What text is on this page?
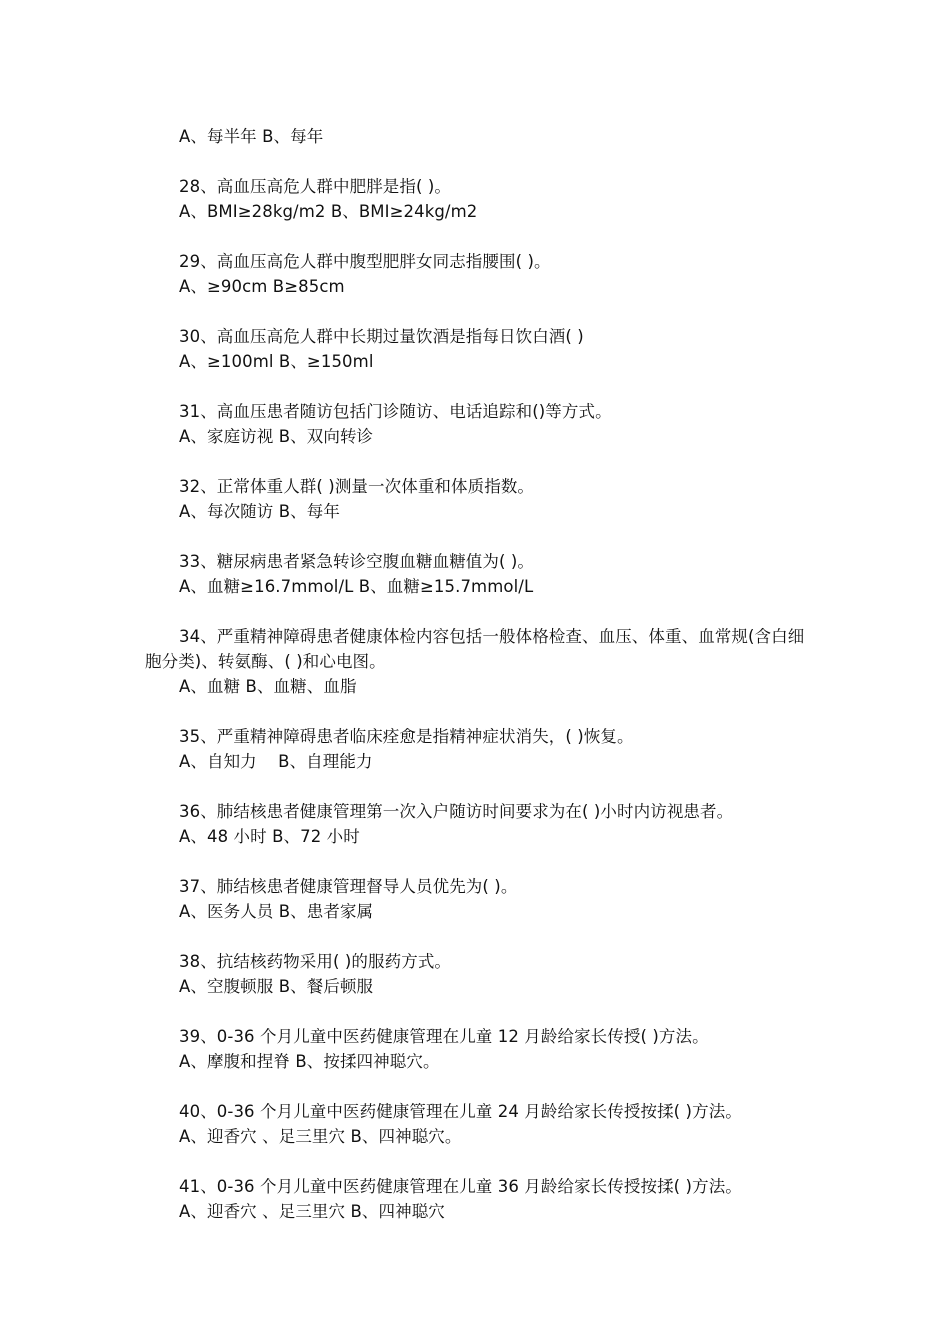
A、每半年 B、每年
28、高血压高危人群中肥胖是指( )。
A、BMI≥28kg/m2 B、BMI≥24kg/m2
29、高血压高危人群中腹型肥胖女同志指腰围( )。
A、≥90cm B≥85cm
30、高血压高危人群中长期过量饮酒是指每日饮白酒( )
A、≥100ml B、≥150ml
31、高血压患者随访包括门诊随访、电话追踪和()等方式。
A、家庭访视 B、双向转诊
32、正常体重人群( )测量一次体重和体质指数。
A、每次随访 B、每年
33、糖尿病患者紧急转诊空腹血糖血糖值为( )。
A、血糖≥16.7mmol/L B、血糖≥15.7mmol/L
34、严重精神障碍患者健康体检内容包括一般体格检查、血压、体重、血常规(含白细胞分类)、转氨酶、( )和心电图。
A、血糖 B、血糖、血脂
35、严重精神障碍患者临床痊愈是指精神症状消失，( )恢复。
A、自知力    B、自理能力
36、肺结核患者健康管理第一次入户随访时间要求为在( )小时内访视患者。
A、48 小时 B、72 小时
37、肺结核患者健康管理督导人员优先为( )。
A、医务人员 B、患者家属
38、抗结核药物采用( )的服药方式。
A、空腹顿服 B、餐后顿服
39、0-36 个月儿童中医药健康管理在儿童 12 月龄给家长传授( )方法。
A、摩腹和捏脊 B、按揉四神聪穴。
40、0-36 个月儿童中医药健康管理在儿童 24 月龄给家长传授按揉( )方法。
A、迎香穴 、足三里穴 B、四神聪穴。
41、0-36 个月儿童中医药健康管理在儿童 36 月龄给家长传授按揉( )方法。
A、迎香穴 、足三里穴 B、四神聪穴
